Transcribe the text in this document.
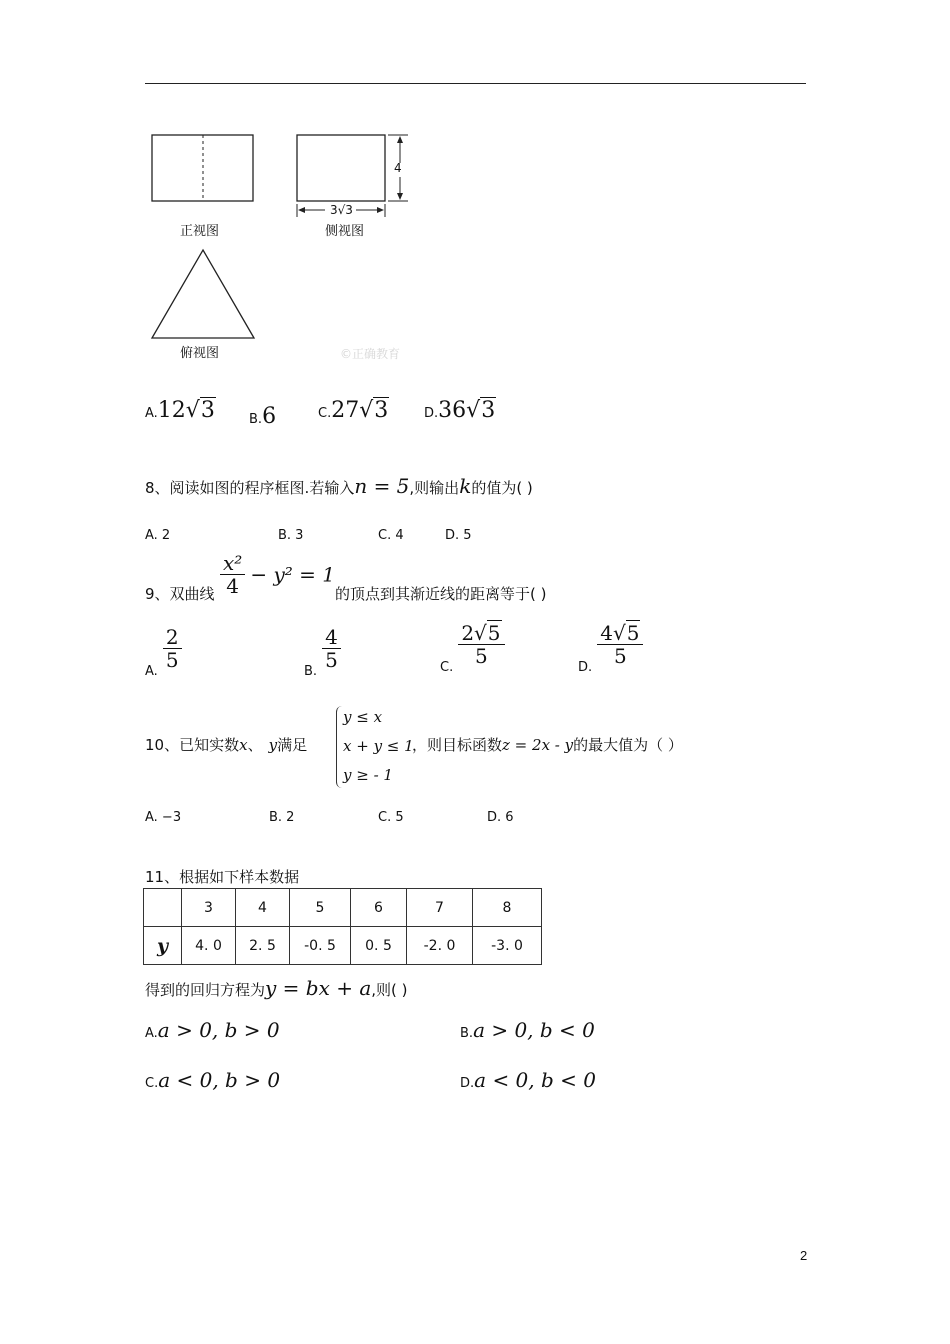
正视图	侧视图
俯视图
4
3√3
©正确教育
A.12√3	B.6	C.27√3	D.36√3
8、阅读如图的程序框图.若输入n = 5,则输出k的值为( )
A. 2	B. 3	C. 4	D. 5
9、双曲线 $\frac{\text{x²}}{4} - y^2 = 1$
的顶点到其渐近线的距离等于( )
$_{A.}$
$\frac{2}{5}$
$_{B.}$
$\frac{4}{5}$	$_{C.}$
$\frac{2√5}{5}$
$_{D.}$
$\frac{4√5}{5}$
10、已知实数x、 y满足
y ≤ x
x + y ≤ 1
y ≥ - 1
，则目标函数z = 2x - y的最大值为（ ）
A. −3	B. 2	C. 5	D. 6
11、根据如下样本数据
	3	4	5	6	7	8
y	4. 0	2. 5	-0. 5	0. 5	-2. 0	-3. 0
得到的回归方程为y = bx + a,则( )
A.a > 0, b > 0	B.a > 0, b < 0
C.a < 0, b > 0	D.a < 0, b < 0
2
